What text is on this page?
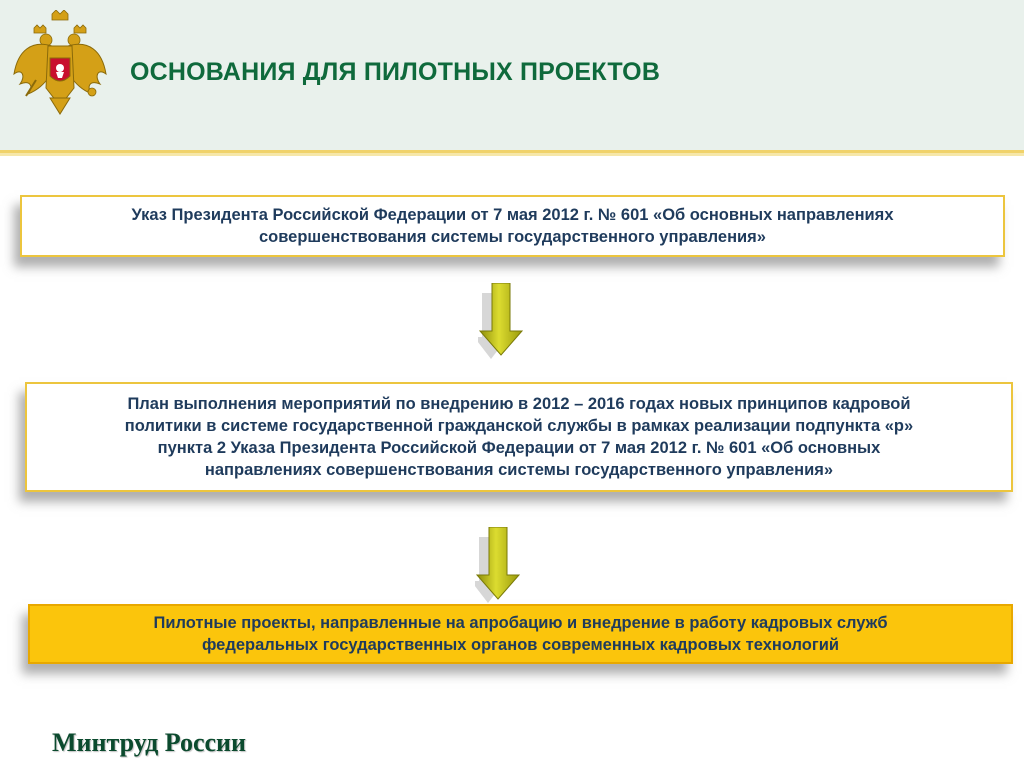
ОСНОВАНИЯ ДЛЯ ПИЛОТНЫХ ПРОЕКТОВ
Указ Президента Российской Федерации от 7 мая 2012 г. № 601 «Об основных направлениях
совершенствования системы государственного управления»
План выполнения мероприятий по внедрению в 2012 – 2016 годах новых принципов кадровой
политики в системе государственной гражданской службы в рамках реализации подпункта «р»
пункта 2 Указа Президента Российской Федерации от 7 мая 2012 г. № 601 «Об основных
направлениях совершенствования системы государственного управления»
Пилотные проекты, направленные на апробацию и внедрение в работу кадровых служб
федеральных государственных органов современных кадровых технологий
Минтруд России
